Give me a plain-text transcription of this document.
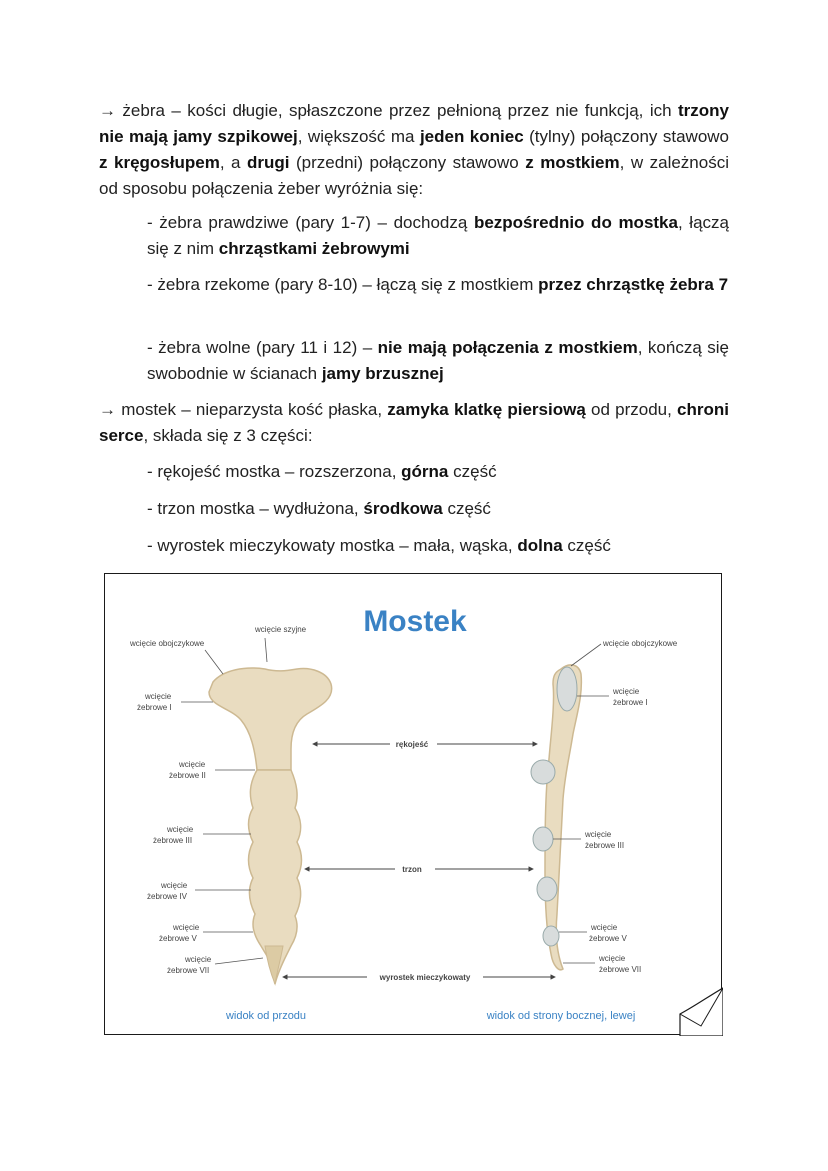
→ żebra – kości długie, spłaszczone przez pełnioną przez nie funkcją, ich trzony nie mają jamy szpikowej, większość ma jeden koniec (tylny) połączony stawowo z kręgosłupem, a drugi (przedni) połączony stawowo z mostkiem, w zależności od sposobu połączenia żeber wyróżnia się:

- żebra prawdziwe (pary 1-7) – dochodzą bezpośrednio do mostka, łączą się z nim chrząstkami żebrowymi
- żebra rzekome (pary 8-10) – łączą się z mostkiem przez chrząstkę żebra 7
- żebra wolne (pary 11 i 12) – nie mają połączenia z mostkiem, kończą się swobodnie w ścianach jamy brzusznej

→ mostek – nieparzysta kość płaska, zamyka klatkę piersiową od przodu, chroni serce, składa się z 3 części:

- rękojeść mostka – rozszerzona, górna część
- trzon mostka – wydłużona, środkowa część
- wyrostek mieczykowaty mostka – mała, wąska, dolna część
Mostek
wcięcie szyjne
wcięcie obojczykowe
wcięcie
żebrowe I
wcięcie
żebrowe II
wcięcie
żebrowe III
wcięcie
żebrowe IV
wcięcie
żebrowe V
wcięcie
żebrowe VII
wcięcie obojczykowe
wcięcie
żebrowe I
wcięcie
żebrowe III
wcięcie
żebrowe V
wcięcie
żebrowe VII
rękojeść
trzon
wyrostek mieczykowaty
widok od przodu	widok od strony bocznej, lewej
